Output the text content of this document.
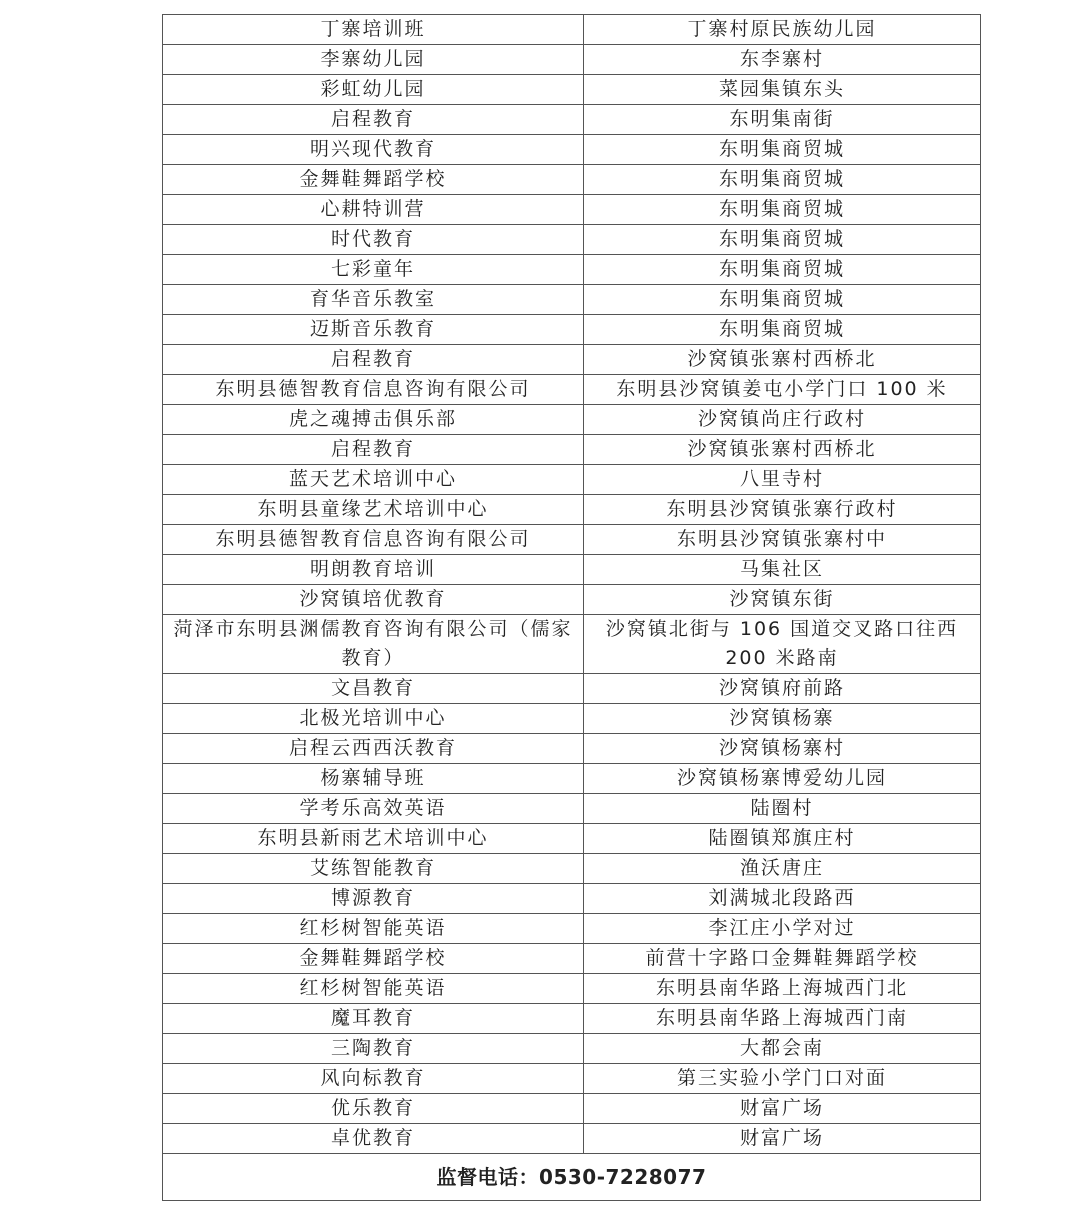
丁寨培训班	丁寨村原民族幼儿园
李寨幼儿园	东李寨村
彩虹幼儿园	菜园集镇东头
启程教育	东明集南街
明兴现代教育	东明集商贸城
金舞鞋舞蹈学校	东明集商贸城
心耕特训营	东明集商贸城
时代教育	东明集商贸城
七彩童年	东明集商贸城
育华音乐教室	东明集商贸城
迈斯音乐教育	东明集商贸城
启程教育	沙窝镇张寨村西桥北
东明县德智教育信息咨询有限公司	东明县沙窝镇姜屯小学门口 100 米
虎之魂搏击俱乐部	沙窝镇尚庄行政村
启程教育	沙窝镇张寨村西桥北
蓝天艺术培训中心	八里寺村
东明县童缘艺术培训中心	东明县沙窝镇张寨行政村
东明县德智教育信息咨询有限公司	东明县沙窝镇张寨村中
明朗教育培训	马集社区
沙窝镇培优教育	沙窝镇东街
菏泽市东明县渊儒教育咨询有限公司（儒家教育）	沙窝镇北街与 106 国道交叉路口往西 200 米路南
文昌教育	沙窝镇府前路
北极光培训中心	沙窝镇杨寨
启程云西西沃教育	沙窝镇杨寨村
杨寨辅导班	沙窝镇杨寨博爱幼儿园
学考乐高效英语	陆圈村
东明县新雨艺术培训中心	陆圈镇郑旗庄村
艾练智能教育	渔沃唐庄
博源教育	刘满城北段路西
红杉树智能英语	李江庄小学对过
金舞鞋舞蹈学校	前营十字路口金舞鞋舞蹈学校
红杉树智能英语	东明县南华路上海城西门北
魔耳教育	东明县南华路上海城西门南
三陶教育	大都会南
风向标教育	第三实验小学门口对面
优乐教育	财富广场
卓优教育	财富广场
监督电话：0530-7228077	
